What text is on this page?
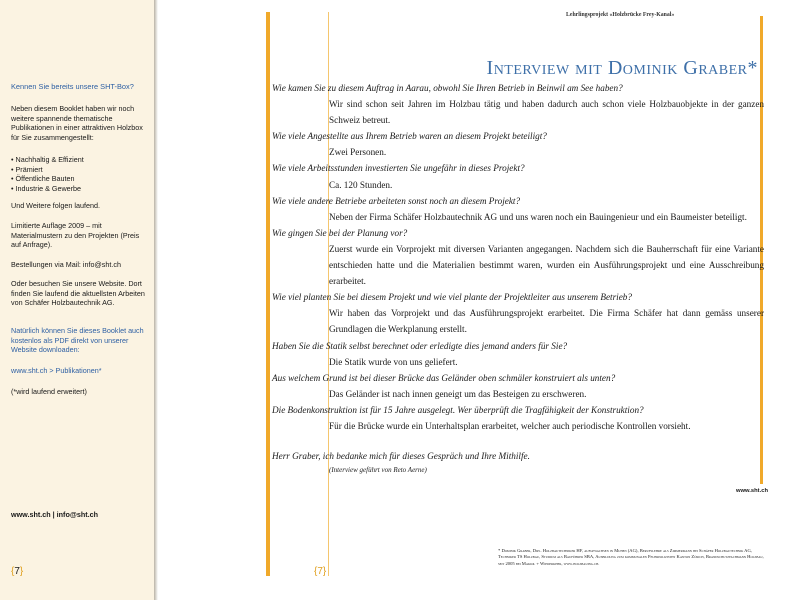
Kennen Sie bereits unsere SHT-Box?
Neben diesem Booklet haben wir noch weitere spannende thematische Publikationen in einer attraktiven Holzbox für Sie zusammengestellt:
• Nachhaltig & Effizient
• Prämiert
• Öffentliche Bauten
• Industrie & Gewerbe
Und Weitere folgen laufend.
Limitierte Auflage 2009 – mit Materialmustern zu den Projekten (Preis auf Anfrage).
Bestellungen via Mail: info@sht.ch
Oder besuchen Sie unsere Website. Dort finden Sie laufend die aktuellsten Arbeiten von Schäfer Holzbautechnik AG.
Natürlich können Sie dieses Booklet auch kostenlos als PDF direkt von unserer Website downloaden:
www.sht.ch > Publikationen*
(*wird laufend erweitert)
www.sht.ch | info@sht.ch
{7}
Lehrlingsprojekt «Holzbrücke Frey-Kanal»
Interview mit Dominik Graber*
Wie kamen Sie zu diesem Auftrag in Aarau, obwohl Sie Ihren Betrieb in Beinwil am See haben?
Wir sind schon seit Jahren im Holzbau tätig und haben dadurch auch schon viele Holzbauobjekte in der ganzen Schweiz betreut.
Wie viele Angestellte aus Ihrem Betrieb waren an diesem Projekt beteiligt?
Zwei Personen.
Wie viele Arbeitsstunden investierten Sie ungefähr in dieses Projekt?
Ca. 120 Stunden.
Wie viele andere Betriebe arbeiteten sonst noch an diesem Projekt?
Neben der Firma Schäfer Holzbautechnik AG und uns waren noch ein Bauingenieur und ein Baumeister beteiligt.
Wie gingen Sie bei der Planung vor?
Zuerst wurde ein Vorprojekt mit diversen Varianten angegangen. Nachdem sich die Bauherrschaft für eine Variante entschieden hatte und die Materialien bestimmt waren, wurden ein Ausführungsprojekt und eine Ausschreibung erarbeitet.
Wie viel planten Sie bei diesem Projekt und wie viel plante der Projektleiter aus unserem Betrieb?
Wir haben das Vorprojekt und das Ausführungsprojekt erarbeitet. Die Firma Schäfer hat dann gemäss unserer Grundlagen die Werkplanung erstellt.
Haben Sie die Statik selbst berechnet oder erledigte dies jemand anders für Sie?
Die Statik wurde von uns geliefert.
Aus welchem Grund ist bei dieser Brücke das Geländer oben schmäler konstruiert als unten?
Das Geländer ist nach innen geneigt um das Besteigen zu erschweren.
Die Bodenkonstruktion ist für 15 Jahre ausgelegt. Wer überprüft die Tragfähigkeit der Konstruktion?
Für die Brücke wurde ein Unterhaltsplan erarbeitet, welcher auch periodische Kontrollen vorsieht.
Herr Graber, ich bedanke mich für dieses Gespräch und Ihre Mithilfe.
(Interview geführt von Reto Aerne)
www.sht.ch
* Dominik Graber, Dipl. Holzbautechniker HF, aufgewachsen in Muhen (AG), Berufslehre als Zimmermann bei Schäfer Holzbautechnik AG, Techniker TS Holzbau, Studium als Bauführer SBA, Ausbildung zum kommunalen Feuerpolizisten Kanton Zürich, Brandschutzfachmann Holzbau, seit 2005 bei Makiol + Wiederkehr, www.holzbauing.ch.
{7}
